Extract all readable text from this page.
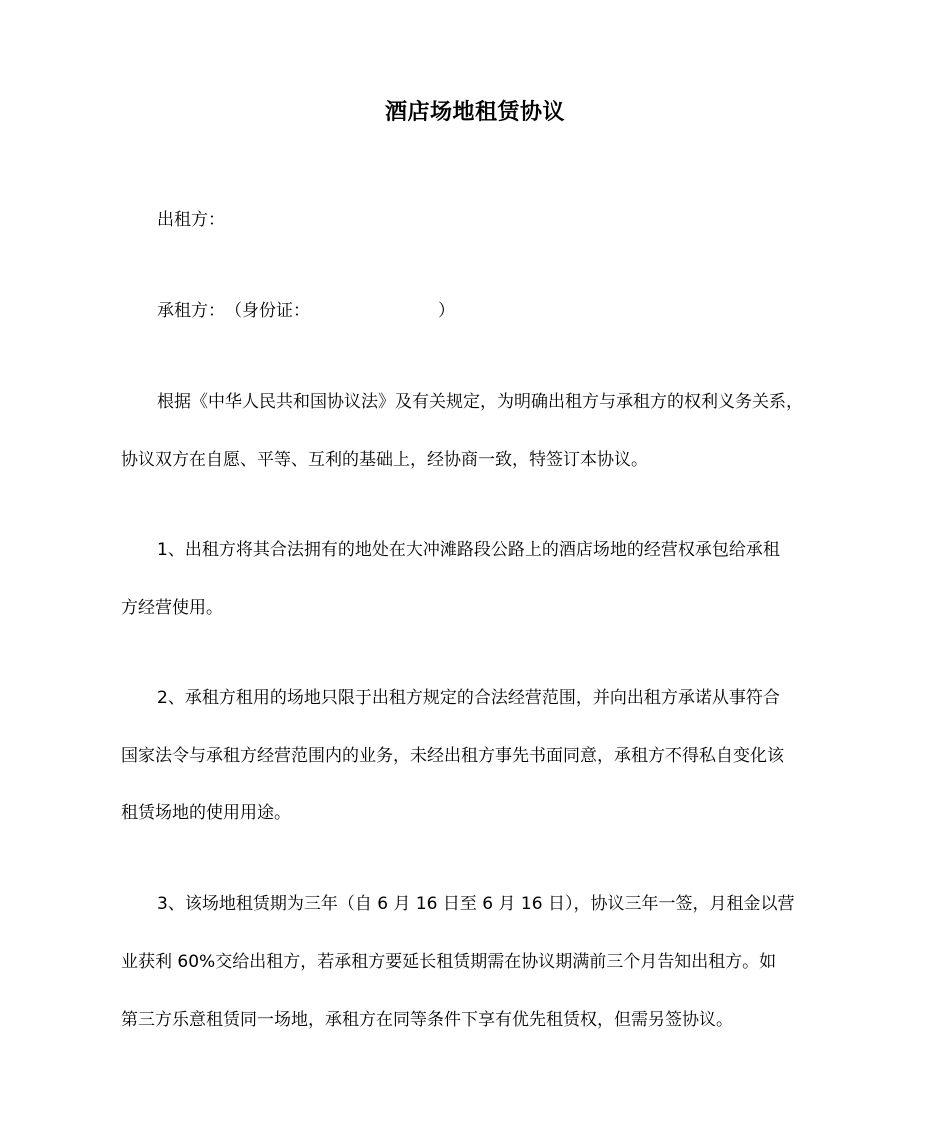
酒店场地租赁协议
出租方：
承租方： （身份证：	）
根据《中华人民共和国协议法》及有关规定，为明确出租方与承租方的权利义务关系，
协议双方在自愿、平等、互利的基础上，经协商一致，特签订本协议。
1、出租方将其合法拥有的地处在大冲滩路段公路上的酒店场地的经营权承包给承租
方经营使用。
2、承租方租用的场地只限于出租方规定的合法经营范围，并向出租方承诺从事符合
国家法令与承租方经营范围内的业务，未经出租方事先书面同意，承租方不得私自变化该
租赁场地的使用用途。
3、该场地租赁期为三年（自 6 月 16 日至 6 月 16 日），协议三年一签，月租金以营
业获利 60%交给出租方，若承租方要延长租赁期需在协议期满前三个月告知出租方。如
第三方乐意租赁同一场地，承租方在同等条件下享有优先租赁权，但需另签协议。
